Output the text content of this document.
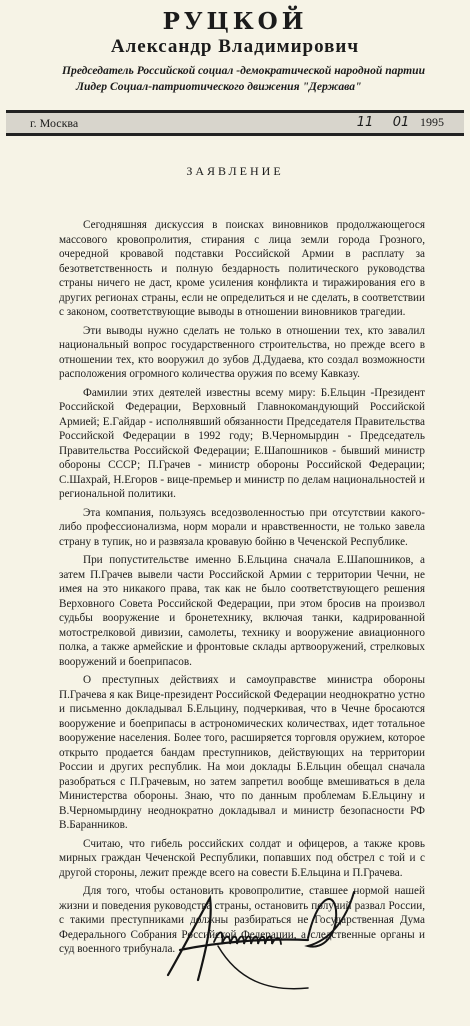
РУЦКОЙ
Александр Владимирович
Председатель Российской социал -демократической народной партии
Лидер Социал-патриотического движения "Держава"
г. Москва	11 01 1995
ЗАЯВЛЕНИЕ

Сегодняшняя дискуссия в поисках виновников продолжающегося массового кровопролития, стирания с лица земли города Грозного, очередной кровавой подставки Российской Армии в расплату за безответственность и полную бездарность политического руководства страны ничего не даст, кроме усиления конфликта и тиражирования его в других регионах страны, если не определиться и не сделать, в соответствии с законом, соответствующие выводы в отношении виновников трагедии.

Эти выводы нужно сделать не только в отношении тех, кто завалил национальный вопрос государственного строительства, но прежде всего в отношении тех, кто вооружил до зубов Д.Дудаева, кто создал возможности расположения огромного количества оружия по всему Кавказу.

Фамилии этих деятелей известны всему миру: Б.Ельцин -Президент Российской Федерации, Верховный Главнокомандующий Российской Армией; Е.Гайдар - исполнявший обязанности Председателя Правительства Российской Федерации в 1992 году; В.Черномырдин - Председатель Правительства Российской Федерации; Е.Шапошников - бывший министр обороны СССР; П.Грачев - министр обороны Российской Федерации; С.Шахрай, Н.Егоров - вице-премьер и министр по делам национальностей и региональной политики.

Эта компания, пользуясь вседозволенностью при отсутствии какого-либо профессионализма, норм морали и нравственности, не только завела страну в тупик, но и развязала кровавую бойню в Чеченской Республике.

При попустительстве именно Б.Ельцина сначала Е.Шапошников, а затем П.Грачев вывели части Российской Армии с территории Чечни, не имея на это никакого права, так как не было соответствующего решения Верховного Совета Российской Федерации, при этом бросив на произвол судьбы вооружение и бронетехнику, включая танки, кадрированной мотострелковой дивизии, самолеты, технику и вооружение авиационного полка, а также армейские и фронтовые склады артвооружений, стрелковых вооружений и боеприпасов.

О преступных действиях и самоуправстве министра обороны П.Грачева я как Вице-президент Российской Федерации неоднократно устно и письменно докладывал Б.Ельцину, подчеркивая, что в Чечне бросаются вооружение и боеприпасы в астрономических количествах, идет тотальное вооружение населения. Более того, расширяется торговля оружием, которое открыто продается бандам преступников, действующих на территории России и других республик. На мои доклады Б.Ельцин обещал сначала разобраться с П.Грачевым, но затем запретил вообще вмешиваться в дела Министерства обороны. Знаю, что по данным проблемам Б.Ельцину и В.Черномырдину неоднократно докладывал и министр безопасности РФ В.Баранников.

Считаю, что гибель российских солдат и офицеров, а также кровь мирных граждан Чеченской Республики, попавших под обстрел с той и с другой стороны, лежит прежде всего на совести Б.Ельцина и П.Грачева.

Для того, чтобы остановить кровопролитие, ставшее нормой нашей жизни и поведения руководства страны, остановить получий развал России, с такими преступниками должны разбираться не Государственная Дума Федерального Собрания Российской Федерации, а следственные органы и суд военного трибунала.
